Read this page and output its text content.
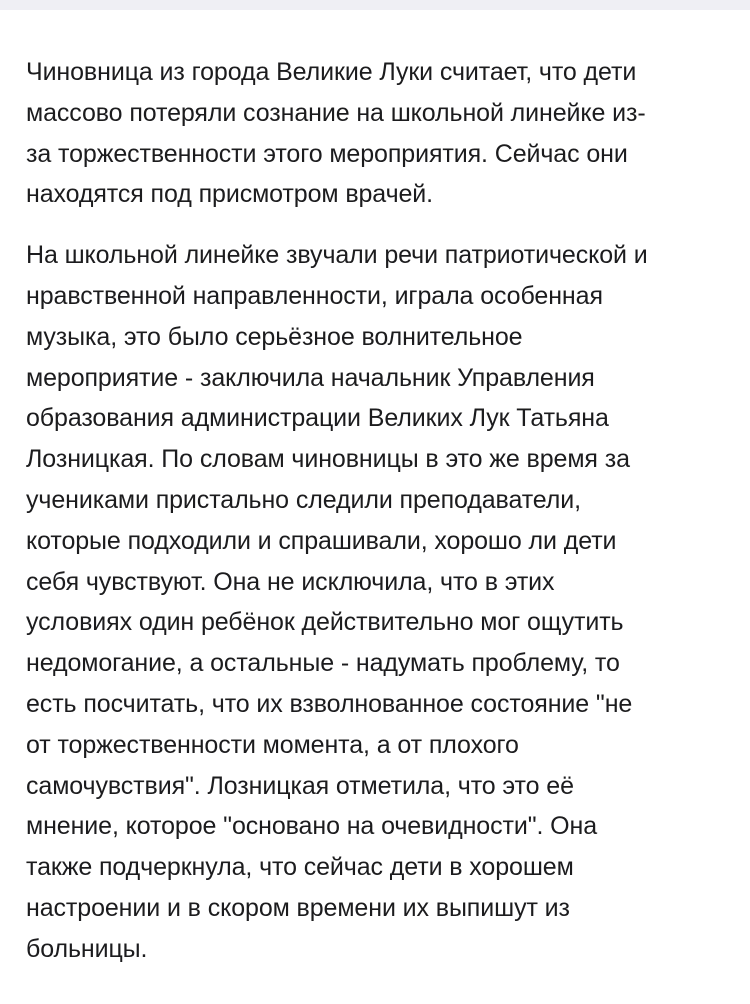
Чиновница из города Великие Луки считает, что дети
массово потеряли сознание на школьной линейке из-
за торжественности этого мероприятия. Сейчас они
находятся под присмотром врачей.

На школьной линейке звучали речи патриотической и
нравственной направленности, играла особенная
музыка, это было серьёзное волнительное
мероприятие - заключила начальник Управления
образования администрации Великих Лук Татьяна
Лозницкая. По словам чиновницы в это же время за
учениками пристально следили преподаватели,
которые подходили и спрашивали, хорошо ли дети
себя чувствуют. Она не исключила, что в этих
условиях один ребёнок действительно мог ощутить
недомогание, а остальные - надумать проблему, то
есть посчитать, что их взволнованное состояние "не
от торжественности момента, а от плохого
самочувствия". Лозницкая отметила, что это её
мнение, которое "основано на очевидности". Она
также подчеркнула, что сейчас дети в хорошем
настроении и в скором времени их выпишут из
больницы.
